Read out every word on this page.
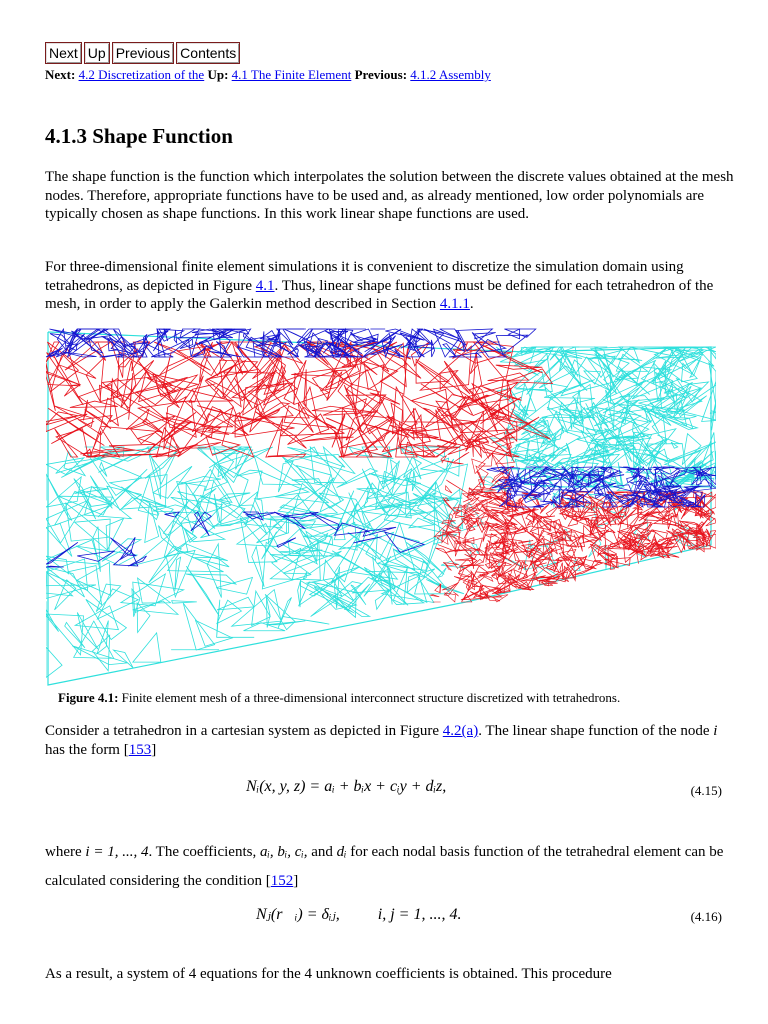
Next Up Previous Contents
Next: 4.2 Discretization of the Up: 4.1 The Finite Element Previous: 4.1.2 Assembly
4.1.3 Shape Function

The shape function is the function which interpolates the solution between the discrete values obtained at the mesh nodes. Therefore, appropriate functions have to be used and, as already mentioned, low order polynomials are typically chosen as shape functions. In this work linear shape functions are used.

For three-dimensional finite element simulations it is convenient to discretize the simulation domain using tetrahedrons, as depicted in Figure 4.1. Thus, linear shape functions must be defined for each tetrahedron of the mesh, in order to apply the Galerkin method described in Section 4.1.1.

Figure 4.1: Finite element mesh of a three-dimensional interconnect structure discretized with tetrahedrons.

Consider a tetrahedron in a cartesian system as depicted in Figure 4.2(a). The linear shape function of the node i has the form [153]

Nᵢ(x, y, z) = aᵢ + bᵢx + cᵢy + dᵢz,	(4.15)

where i = 1, ..., 4. The coefficients, aᵢ, bᵢ, cᵢ, and dᵢ for each nodal basis function of the tetrahedral element can be calculated considering the condition [152]

Nⱼ(r⃗ᵢ) = δᵢⱼ, i, j = 1, ..., 4.	(4.16)

As a result, a system of 4 equations for the 4 unknown coefficients is obtained. This procedure
